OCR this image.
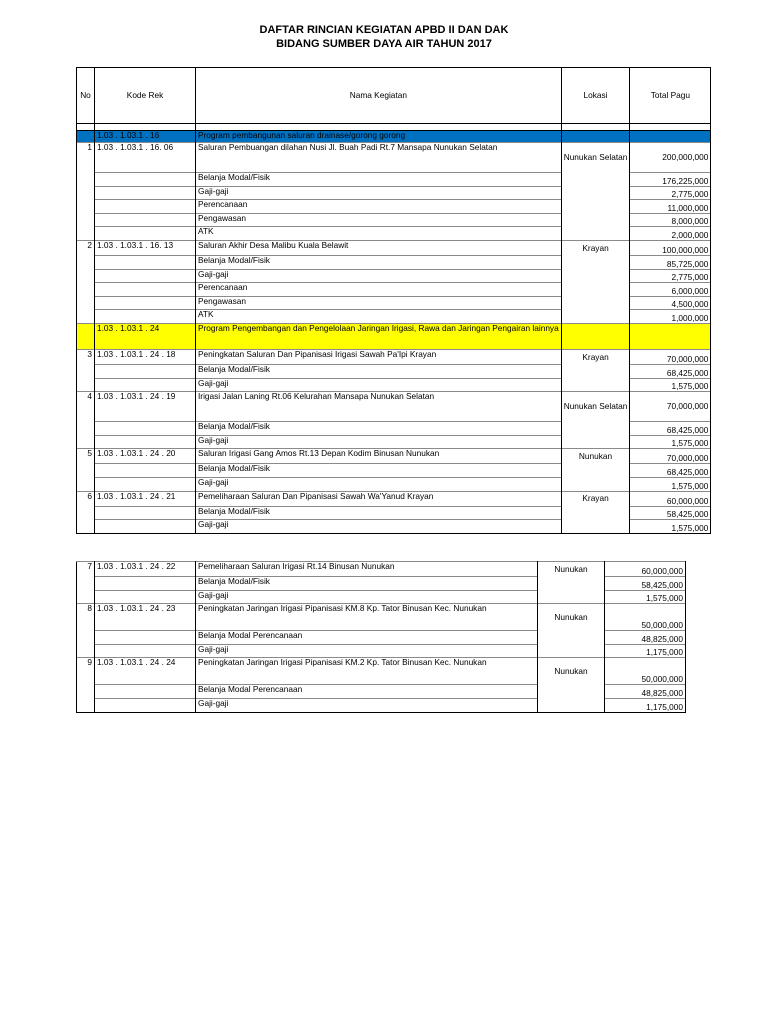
DAFTAR RINCIAN KEGIATAN APBD II DAN DAK
BIDANG SUMBER DAYA AIR TAHUN 2017
No	Kode Rek	Nama Kegiatan	Lokasi	Total Pagu

	1.03 . 1.03.1 . 16	Program pembangunan saluran drainase/gorong gorong		
1	1.03 . 1.03.1 . 16. 06	Saluran Pembuangan dilahan Nusi Jl. Buah Padi Rt.7 Mansapa Nunukan Selatan	Nunukan Selatan	200,000,000
		Belanja Modal/Fisik		176,225,000
		Gaji-gaji		2,775,000
		Perencanaan		11,000,000
		Pengawasan		8,000,000
		ATK		2,000,000
2	1.03 . 1.03.1 . 16. 13	Saluran Akhir Desa Malibu Kuala Belawit	Krayan	100,000,000
		Belanja Modal/Fisik		85,725,000
		Gaji-gaji		2,775,000
		Perencanaan		6,000,000
		Pengawasan		4,500,000
		ATK		1,000,000
	1.03 . 1.03.1 . 24	Program Pengembangan dan Pengelolaan Jaringan Irigasi, Rawa dan Jaringan Pengairan lainnya		
3	1.03 . 1.03.1 . 24 . 18	Peningkatan Saluran Dan Pipanisasi Irigasi Sawah Pa'Ipi Krayan	Krayan	70,000,000
		Belanja Modal/Fisik		68,425,000
		Gaji-gaji		1,575,000
4	1.03 . 1.03.1 . 24 . 19	Irigasi Jalan Laning Rt.06 Kelurahan Mansapa Nunukan Selatan	Nunukan Selatan	70,000,000
		Belanja Modal/Fisik		68,425,000
		Gaji-gaji		1,575,000
5	1.03 . 1.03.1 . 24 . 20	Saluran Irigasi Gang Amos Rt.13 Depan Kodim Binusan Nunukan	Nunukan	70,000,000
		Belanja Modal/Fisik		68,425,000
		Gaji-gaji		1,575,000
6	1.03 . 1.03.1 . 24 . 21	Pemeliharaan Saluran Dan Pipanisasi Sawah Wa'Yanud Krayan	Krayan	60,000,000
		Belanja Modal/Fisik		58,425,000
		Gaji-gaji		1,575,000
7	1.03 . 1.03.1 . 24 . 22	Pemeliharaan Saluran Irigasi Rt.14 Binusan Nunukan	Nunukan	60,000,000
		Belanja Modal/Fisik		58,425,000
		Gaji-gaji		1,575,000
8	1.03 . 1.03.1 . 24 . 23	Peningkatan Jaringan Irigasi Pipanisasi KM.8 Kp. Tator Binusan Kec. Nunukan	Nunukan	50,000,000
		Belanja Modal Perencanaan		48,825,000
		Gaji-gaji		1,175,000
9	1.03 . 1.03.1 . 24 . 24	Peningkatan Jaringan Irigasi Pipanisasi KM.2 Kp. Tator Binusan Kec. Nunukan	Nunukan	50,000,000
		Belanja Modal Perencanaan		48,825,000
		Gaji-gaji		1,175,000
